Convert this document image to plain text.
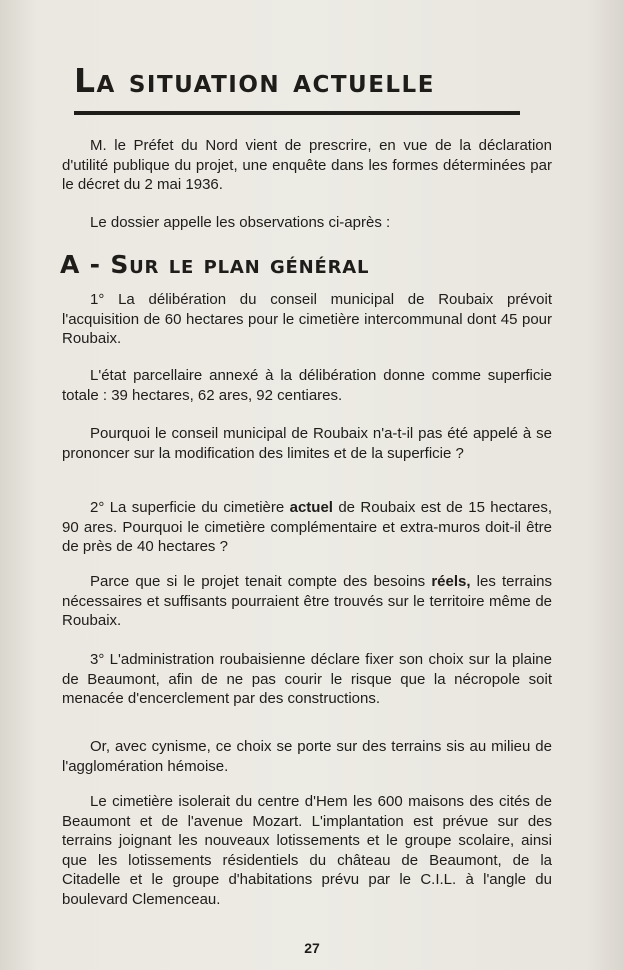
La situation actuelle

M. le Préfet du Nord vient de prescrire, en vue de la déclaration d'utilité publique du projet, une enquête dans les formes déterminées par le décret du 2 mai 1936.

Le dossier appelle les observations ci-après :

A - Sur le plan général

1° La délibération du conseil municipal de Roubaix prévoit l'acquisition de 60 hectares pour le cimetière intercommunal dont 45 pour Roubaix.

L'état parcellaire annexé à la délibération donne comme superficie totale : 39 hectares, 62 ares, 92 centiares.

Pourquoi le conseil municipal de Roubaix n'a-t-il pas été appelé à se prononcer sur la modification des limites et de la superficie ?

2° La superficie du cimetière actuel de Roubaix est de 15 hectares, 90 ares. Pourquoi le cimetière complémentaire et extra-muros doit-il être de près de 40 hectares ?

Parce que si le projet tenait compte des besoins réels, les terrains nécessaires et suffisants pourraient être trouvés sur le territoire même de Roubaix.

3° L'administration roubaisienne déclare fixer son choix sur la plaine de Beaumont, afin de ne pas courir le risque que la nécropole soit menacée d'encerclement par des constructions.

Or, avec cynisme, ce choix se porte sur des terrains sis au milieu de l'agglomération hémoise.

Le cimetière isolerait du centre d'Hem les 600 maisons des cités de Beaumont et de l'avenue Mozart. L'implantation est prévue sur des terrains joignant les nouveaux lotissements et le groupe scolaire, ainsi que les lotissements résidentiels du château de Beaumont, de la Citadelle et le groupe d'habitations prévu par le C.I.L. à l'angle du boulevard Clemenceau.

27
